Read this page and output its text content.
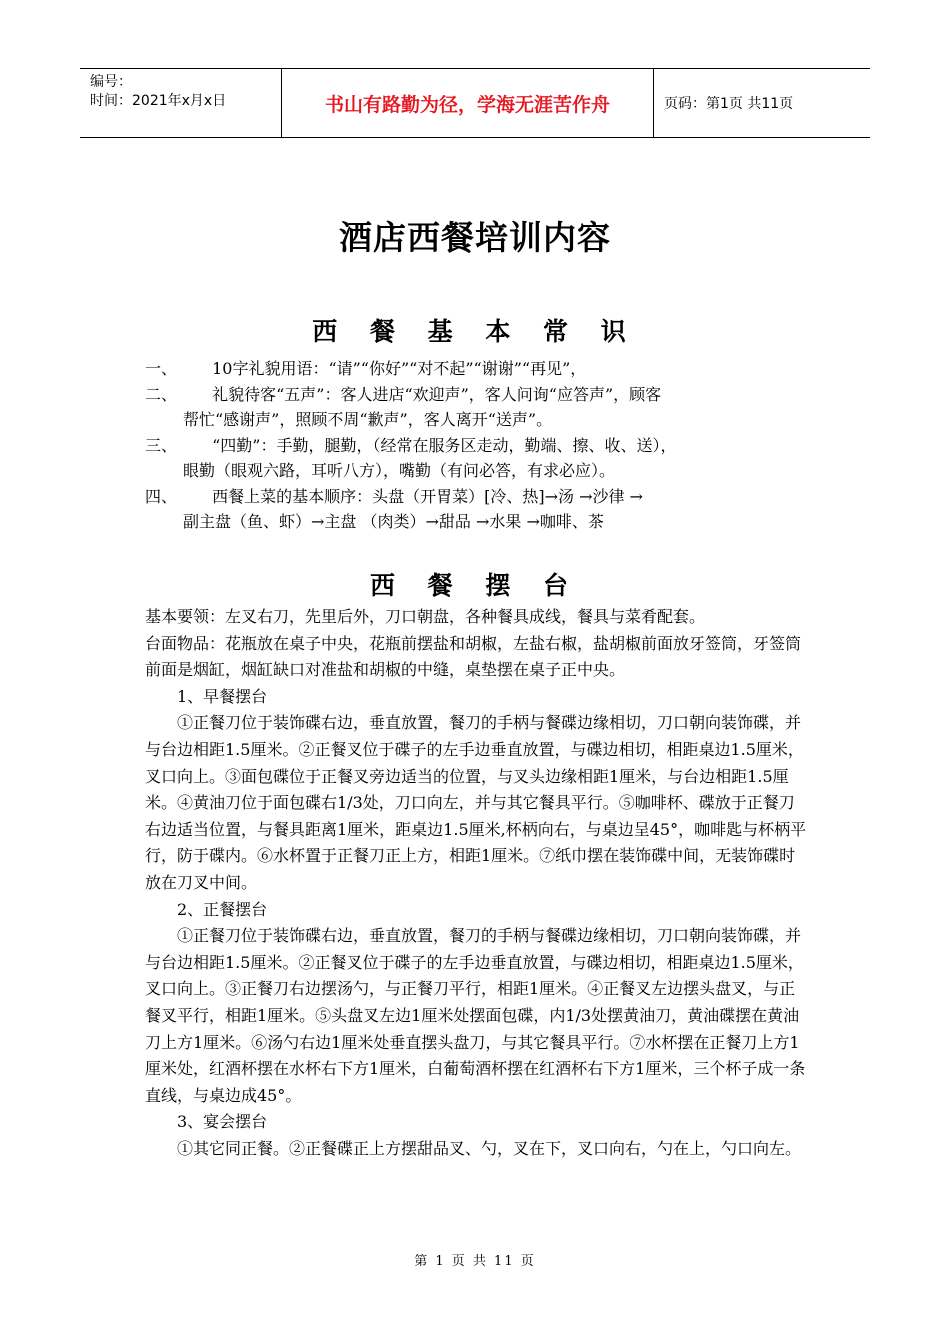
编号：
时间：2021年x月x日	书山有路勤为径，学海无涯苦作舟	页码：第1页 共11页
酒店西餐培训内容
西 餐 基 本 常 识
一、 10字礼貌用语：“请”“你好”“对不起”“谢谢”“再见”，
二、 礼貌待客“五声”：客人进店“欢迎声”，客人问询“应答声”，顾客
帮忙“感谢声”，照顾不周“歉声”，客人离开“送声”。
三、 “四勤”：手勤，腿勤，（经常在服务区走动，勤端、擦、收、送），
眼勤（眼观六路，耳听八方），嘴勤（有问必答，有求必应）。
四、 西餐上菜的基本顺序：头盘（开胃菜）[冷、热]→汤 →沙律 →
副主盘（鱼、虾）→主盘 （肉类）→甜品 →水果 →咖啡、茶
西 餐 摆 台

基本要领：左叉右刀，先里后外，刀口朝盘，各种餐具成线，餐具与菜肴配套。

台面物品：花瓶放在桌子中央，花瓶前摆盐和胡椒，左盐右椒，盐胡椒前面放牙签筒，牙签筒前面是烟缸，烟缸缺口对准盐和胡椒的中缝，桌垫摆在桌子正中央。

1、早餐摆台

①正餐刀位于装饰碟右边，垂直放置，餐刀的手柄与餐碟边缘相切，刀口朝向装饰碟，并与台边相距1.5厘米。②正餐叉位于碟子的左手边垂直放置，与碟边相切，相距桌边1.5厘米，叉口向上。③面包碟位于正餐叉旁边适当的位置，与叉头边缘相距1厘米，与台边相距1.5厘米。④黄油刀位于面包碟右1/3处，刀口向左，并与其它餐具平行。⑤咖啡杯、碟放于正餐刀右边适当位置，与餐具距离1厘米，距桌边1.5厘米,杯柄向右，与桌边呈45°，咖啡匙与杯柄平行，防于碟内。⑥水杯置于正餐刀正上方，相距1厘米。⑦纸巾摆在装饰碟中间，无装饰碟时放在刀叉中间。

2、正餐摆台

①正餐刀位于装饰碟右边，垂直放置，餐刀的手柄与餐碟边缘相切，刀口朝向装饰碟，并与台边相距1.5厘米。②正餐叉位于碟子的左手边垂直放置，与碟边相切，相距桌边1.5厘米，叉口向上。③正餐刀右边摆汤勺，与正餐刀平行，相距1厘米。④正餐叉左边摆头盘叉，与正餐叉平行，相距1厘米。⑤头盘叉左边1厘米处摆面包碟，内1/3处摆黄油刀，黄油碟摆在黄油刀上方1厘米。⑥汤勺右边1厘米处垂直摆头盘刀，与其它餐具平行。⑦水杯摆在正餐刀上方1厘米处，红酒杯摆在水杯右下方1厘米，白葡萄酒杯摆在红酒杯右下方1厘米，三个杯子成一条直线，与桌边成45°。

3、宴会摆台

①其它同正餐。②正餐碟正上方摆甜品叉、勺，叉在下，叉口向右，勺在上，勺口向左。

第 1 页 共 11 页
